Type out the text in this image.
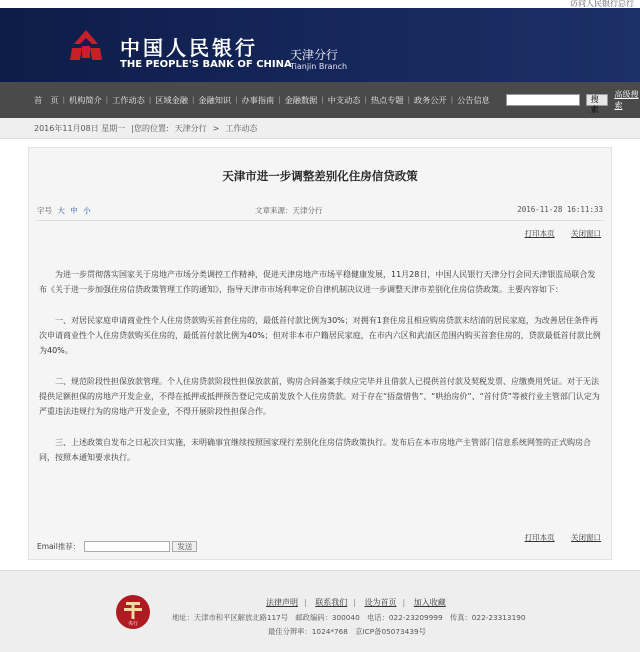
访问人民银行总行
中国人民银行
THE PEOPLE'S BANK OF CHINA
天津分行
Tianjin Branch
首　页 | 机构简介 | 工作动态 | 区域金融 | 金融知识 | 办事指南 | 金融数据 | 中支动态 | 热点专题 | 政务公开 | 公告信息	搜索
高级搜索
2016年11月08日 星期一 |您的位置: 天津分行 > 工作动态
天津市进一步调整差别化住房信贷政策
字号 大 中 小	文章来源：天津分行	2016-11-28 16:11:33
打印本页 关闭窗口

为进一步贯彻落实国家关于房地产市场分类调控工作精神，促进天津房地产市场平稳健康发展，11月28日，中国人民银行天津分行会同天津银监局联合发布《关于进一步加强住房信贷政策管理工作的通知》，指导天津市市场利率定价自律机制决议进一步调整天津市差别化住房信贷政策。主要内容如下：

一、对居民家庭申请商业性个人住房贷款购买首套住房的，最低首付款比例为30%；对拥有1套住房且相应购房贷款未结清的居民家庭，为改善居住条件再次申请商业性个人住房贷款购买住房的，最低首付款比例为40%；但对非本市户籍居民家庭，在市内六区和武清区范围内购买首套住房的，贷款最低首付款比例为40%。

二、规范阶段性担保放款管理。个人住房贷款阶段性担保放款前，购房合同备案手续应完毕并且借款人已提供首付款及契税发票、应缴费用凭证。对于无法提供足额担保的房地产开发企业，不得在抵押或抵押预告登记完成前发放个人住房贷款。对于存在“捂盘惜售”、“哄抬房价”、“首付贷”等被行业主管部门认定为严重违法违规行为的房地产开发企业，不得开展阶段性担保合作。

三、上述政策自发布之日起次日实施，未明确事宜继续按照国家现行差别化住房信贷政策执行。发布后在本市房地产主管部门信息系统网签的正式购房合同，按照本通知要求执行。

打印本页 关闭窗口
Email推荐：	发送
央行
法律声明 | 联系我们 | 设为首页 | 加入收藏
地址：天津市和平区解放北路117号　邮政编码：300040　电话：022-23209999　传真：022-23313190
最佳分辨率：1024*768　京ICP备05073439号
